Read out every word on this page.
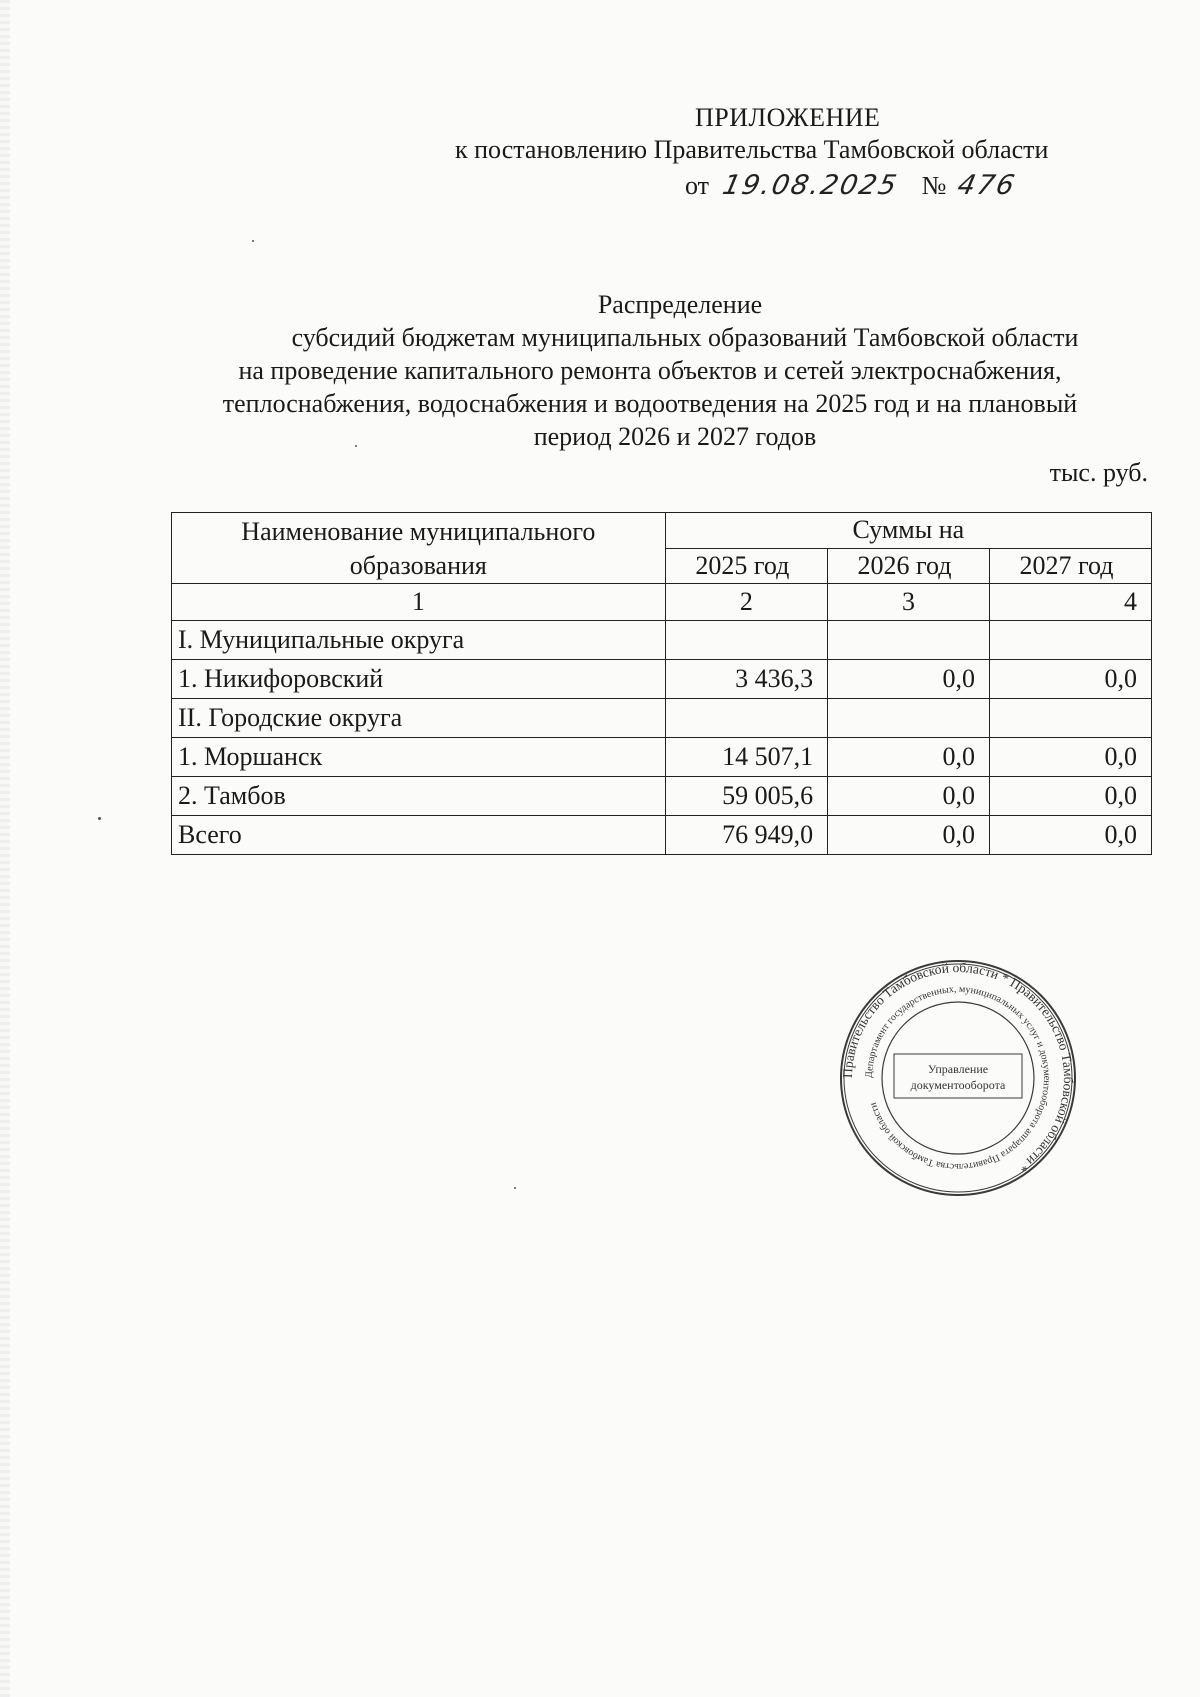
ПРИЛОЖЕНИЕ
к постановлению Правительства Тамбовской области
от 19.08.2025 № 476
Распределение
субсидий бюджетам муниципальных образований Тамбовской области
на проведение капитального ремонта объектов и сетей электроснабжения,
теплоснабжения, водоснабжения и водоотведения на 2025 год и на плановый
период 2026 и 2027 годов
тыс. руб.
Наименование муниципального
образования	Суммы на		
	2025 год	2026 год	2027 год
1	2	3	4
I. Муниципальные округа			
1. Никифоровский	3 436,3	0,0	0,0
II. Городские округа			
1. Моршанск	14 507,1	0,0	0,0
2. Тамбов	59 005,6	0,0	0,0
Всего	76 949,0	0,0	0,0
Правительство Тамбовской области * Правительство Тамбовской области *
Департамент государственных, муниципальных услуг и документооборота аппарата Правительства Тамбовской области
Управление
документооборота
